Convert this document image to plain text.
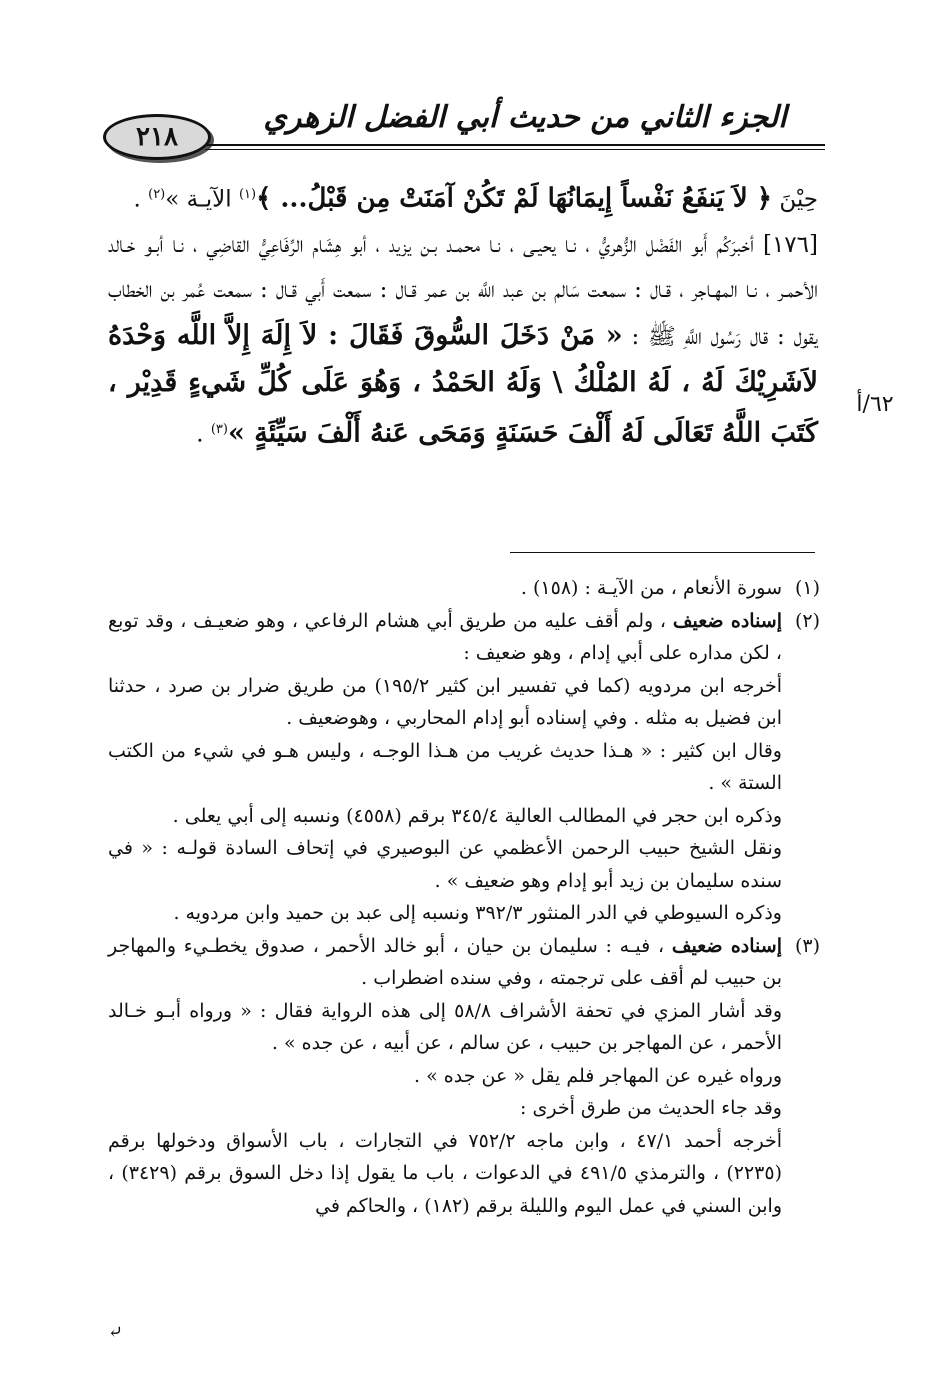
٢١٨
الجزء الثاني من حديث أبي الفضل الزهري

حِيْنَ ﴿ لاَ يَنفَعُ نَفْساً إِيمَانُهَا لَمْ تَكُنْ آمَنَتْ مِن قَبْلُ... ﴾$^{(١)}$ الآيـة »$^{(٢)}$ .

[١٧٦] أخبرَكُم أَبو الفَضْل الزُّهريُّ ، نـا يحيـى ، نـا محمـد بـن يزيد ، أبو هِشَام الرِّفَاعِيُّ القاضِي ، نـا أبـو خـالد الأحمـر ، نـا المهـاجر ، قـال : سمعت سَالم بن عبد اللَّه بن عمر قـال : سمعت أَبي قـال : سمعت عُمر بن الخطاب يقول : قال رَسُول اللَّهِ ﷺ : « مَنْ دَخَلَ السُّوقَ فَقَالَ : لاَ إِلَهَ إِلاَّ اللَّه وَحْدَهُ لاَشَرِيْكَ لَهُ ، لَهُ المُلْكُ \ وَلَهُ الحَمْدُ ، وَهُوَ عَلَى كُلِّ شَيءٍ قَدِيْر ، كَتَبَ اللَّهُ تَعَالَى لَهُ أَلْفَ حَسَنَةٍ وَمَحَى عَنهُ أَلْفَ سَيِّئَةٍ »$^{(٣)}$ .

٦٢/أ
(١)
سورة الأنعام ، من الآيـة : (١٥٨) .
(٢)
إسناده ضعيف ، ولم أقف عليه من طريق أبي هشام الرفاعي ، وهو ضعيـف ، وقد توبع ، لكن مداره على أبي إدام ، وهو ضعيف :
أخرجه ابن مردويه (كما في تفسير ابن كثير ١٩٥/٢) من طريق ضرار بن صرد ، حدثنا ابن فضيل به مثله . وفي إسناده أبو إدام المحاربي ، وهوضعيف .
وقال ابن كثير : « هـذا حديث غريب من هـذا الوجـه ، وليس هـو في شيء من الكتب الستة » .
وذكره ابن حجر في المطالب العالية ٣٤٥/٤ برقم (٤٥٥٨) ونسبه إلى أبي يعلى .
ونقل الشيخ حبيب الرحمن الأعظمي عن البوصيري في إتحاف السادة قولـه : « في سنده سليمان بن زيد أبو إدام وهو ضعيف » .
وذكره السيوطي في الدر المنثور ٣٩٢/٣ ونسبه إلى عبد بن حميد وابن مردويه .
(٣)
إسناده ضعيف ، فيـه : سليمان بن حيان ، أبو خالد الأحمر ، صدوق يخطـيء والمهاجر بن حبيب لم أقف على ترجمته ، وفي سنده اضطراب .
وقد أشار المزي في تحفة الأشراف ٥٨/٨ إلى هذه الرواية فقال : « ورواه أبـو خـالد الأحمر ، عن المهاجر بن حبيب ، عن سالم ، عن أبيه ، عن جده » .
ورواه غيره عن المهاجر فلم يقل « عن جده » .
وقد جاء الحديث من طرق أخرى :
أخرجه أحمد ٤٧/١ ، وابن ماجه ٧٥٢/٢ في التجارات ، باب الأسواق ودخولها برقم (٢٢٣٥) ، والترمذي ٤٩١/٥ في الدعوات ، باب ما يقول إذا دخل السوق برقم (٣٤٢٩) ، وابن السني في عمل اليوم والليلة برقم (١٨٢) ، والحاكم في
⤶
